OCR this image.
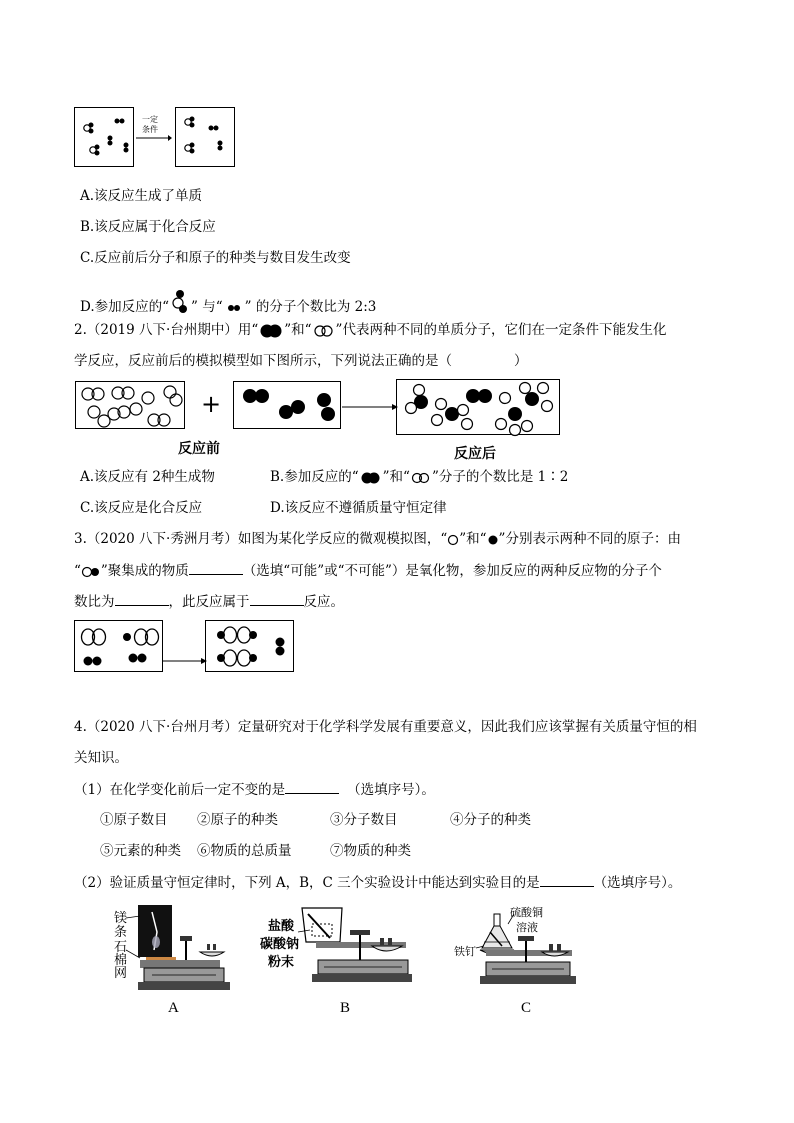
一定
条件
A.该反应生成了单质
B.该反应属于化合反应
C.反应前后分子和原子的种类与数目发生改变
D.参加反应的“ ” 与“ ” 的分子个数比为 2:3
2.（2019 八下·台州期中）用“ ”和“ ”代表两种不同的单质分子，它们在一定条件下能发生化
学反应，反应前后的模拟模型如下图所示，下列说法正确的是（	）
+
反应前	反应后
A.该反应有 2种生成物	B.参加反应的“ ”和“ ”分子的个数比是 1∶2
C.该反应是化合反应	D.该反应不遵循质量守恒定律
3.（2020 八下·秀洲月考）如图为某化学反应的微观模拟图，“ ”和“ ”分别表示两种不同的原子：由
“ ”聚集成的物质	（选填“可能”或“不可能”）是氧化物，参加反应的两种反应物的分子个
数比为	，此反应属于	反应。
4.（2020 八下·台州月考）定量研究对于化学科学发展有重要意义，因此我们应该掌握有关质量守恒的相
关知识。
（1）在化学变化前后一定不变的是	（选填序号）。
①原子数目 ②原子的种类	③分子数目	④分子的种类
⑤元素的种类 ⑥物质的总质量	⑦物质的种类
（2）验证质量守恒定律时，下列 A，B，C 三个实验设计中能达到实验目的是	（选填序号）。
镁
条
石
棉
网
A
盐酸
碳酸钠
粉末
B
硫酸铜
溶液
铁钉
C
